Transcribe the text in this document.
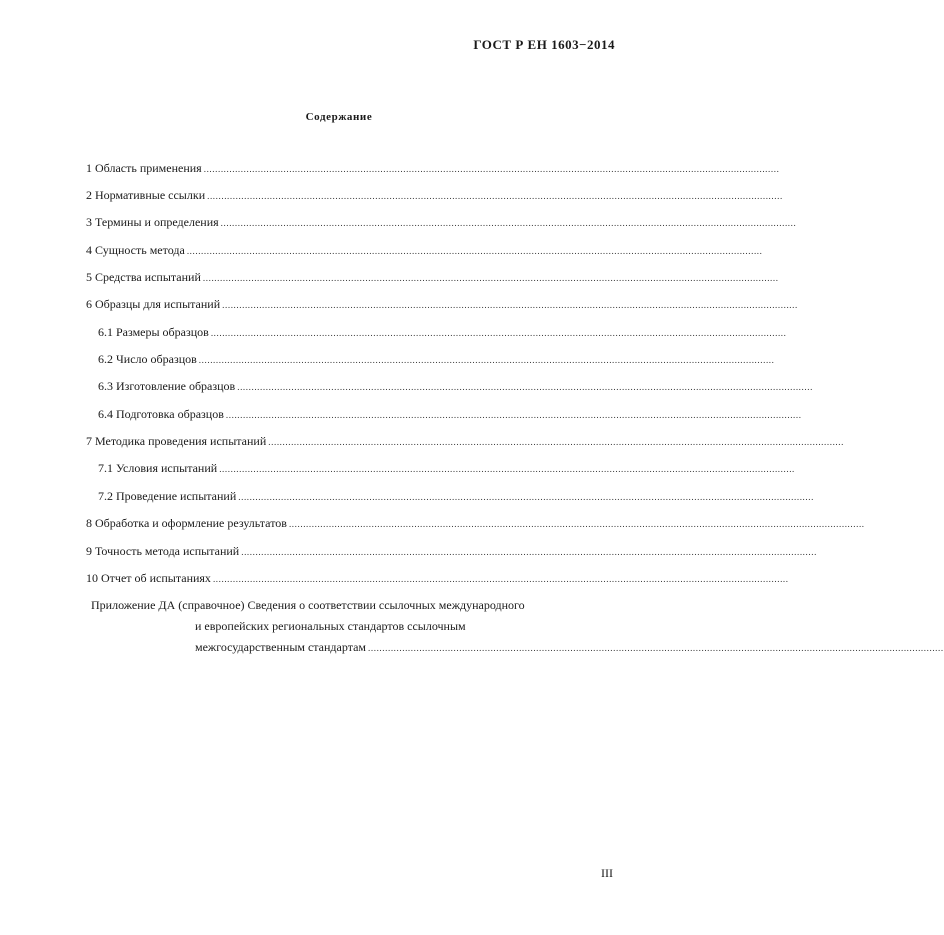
ГОСТ Р ЕН 1603−2014
Содержание
1 Область применения ..........................................................................................................................................................................................................
2 Нормативные ссылки ..........................................................................................................................................................................................................
3 Термины и определения ..........................................................................................................................................................................................................
4 Сущность метода ..........................................................................................................................................................................................................
5 Средства испытаний ..........................................................................................................................................................................................................
6 Образцы для испытаний ..........................................................................................................................................................................................................
6.1 Размеры образцов ..........................................................................................................................................................................................................
6.2 Число образцов ..........................................................................................................................................................................................................
6.3 Изготовление образцов ..........................................................................................................................................................................................................
6.4 Подготовка образцов ..........................................................................................................................................................................................................
7 Методика проведения испытаний ..........................................................................................................................................................................................................
7.1 Условия испытаний ..........................................................................................................................................................................................................
7.2 Проведение испытаний ..........................................................................................................................................................................................................
8 Обработка и оформление результатов ..........................................................................................................................................................................................................
9 Точность метода испытаний ..........................................................................................................................................................................................................
10 Отчет об испытаниях ..........................................................................................................................................................................................................
Приложение ДА (справочное) Сведения о соответствии ссылочных международного
и европейских региональных стандартов ссылочным
межгосударственным стандартам ..........................................................................................................................................................................................................
III
